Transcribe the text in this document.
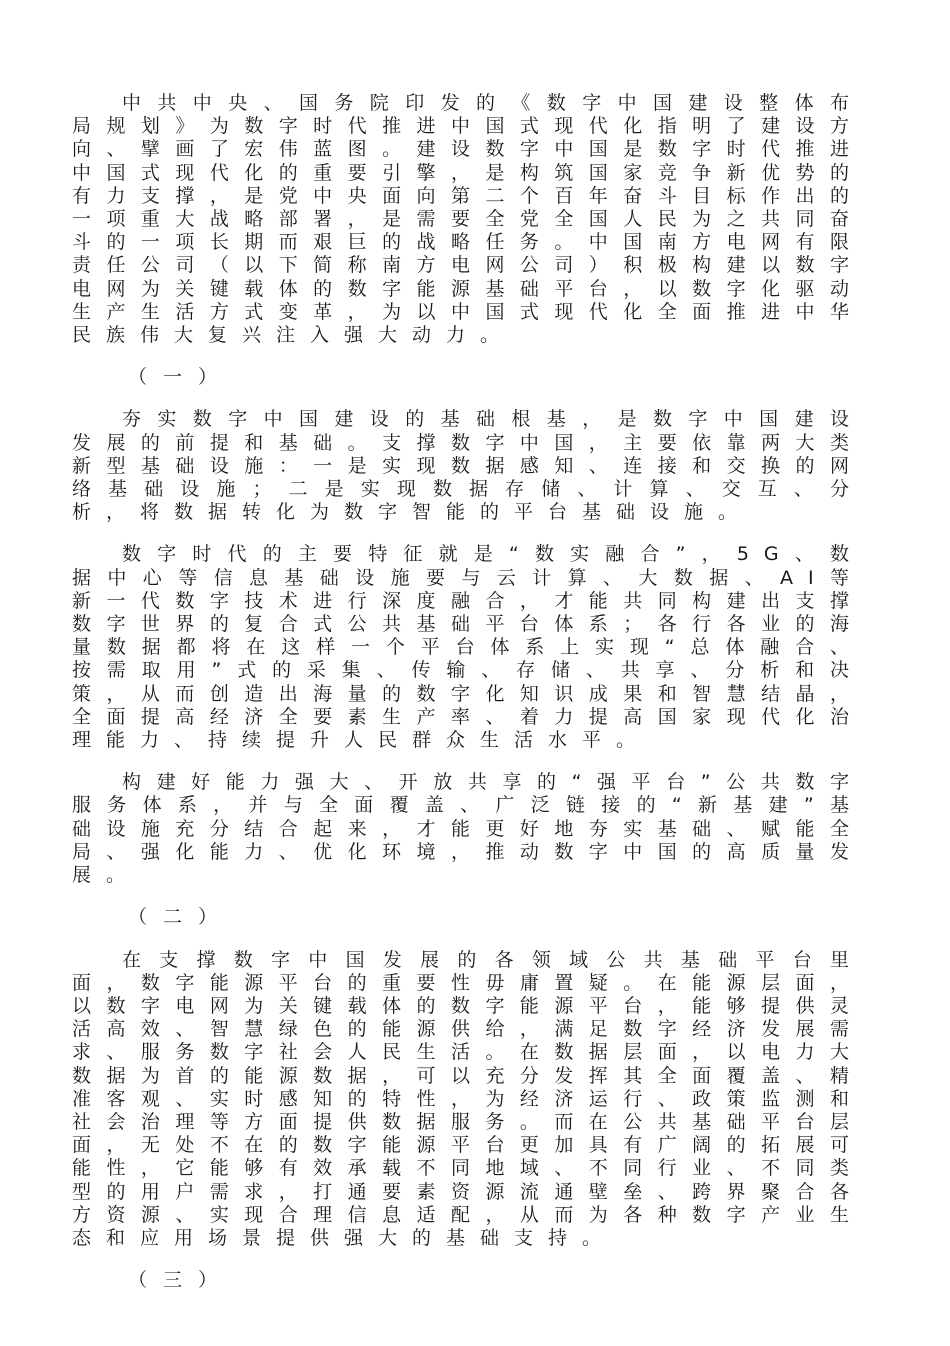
中共中央、国务院印发的《数字中国建设整体布局规划》为数字时代推进中国式现代化指明了建设方向、擘画了宏伟蓝图。建设数字中国是数字时代推进中国式现代化的重要引擎，是构筑国家竞争新优势的有力支撑，是党中央面向第二个百年奋斗目标作出的一项重大战略部署，是需要全党全国人民为之共同奋斗的一项长期而艰巨的战略任务。中国南方电网有限责任公司（以下简称南方电网公司）积极构建以数字电网为关键载体的数字能源基础平台，以数字化驱动生产生活方式变革，为以中国式现代化全面推进中华民族伟大复兴注入强大动力。

（一）

夯实数字中国建设的基础根基，是数字中国建设发展的前提和基础。支撑数字中国，主要依靠两大类新型基础设施：一是实现数据感知、连接和交换的网络基础设施；二是实现数据存储、计算、交互、分析，将数据转化为数字智能的平台基础设施。

数字时代的主要特征就是“数实融合”，5G、数据中心等信息基础设施要与云计算、大数据、AI等新一代数字技术进行深度融合，才能共同构建出支撑数字世界的复合式公共基础平台体系；各行各业的海量数据都将在这样一个平台体系上实现“总体融合、按需取用”式的采集、传输、存储、共享、分析和决策，从而创造出海量的数字化知识成果和智慧结晶，全面提高经济全要素生产率、着力提高国家现代化治理能力、持续提升人民群众生活水平。

构建好能力强大、开放共享的“强平台”公共数字服务体系，并与全面覆盖、广泛链接的“新基建”基础设施充分结合起来，才能更好地夯实基础、赋能全局、强化能力、优化环境，推动数字中国的高质量发展。

（二）

在支撑数字中国发展的各领域公共基础平台里面，数字能源平台的重要性毋庸置疑。在能源层面，以数字电网为关键载体的数字能源平台，能够提供灵活高效、智慧绿色的能源供给，满足数字经济发展需求、服务数字社会人民生活。在数据层面，以电力大数据为首的能源数据，可以充分发挥其全面覆盖、精准客观、实时感知的特性，为经济运行、政策监测和社会治理等方面提供数据服务。而在公共基础平台层面，无处不在的数字能源平台更加具有广阔的拓展可能性，它能够有效承载不同地域、不同行业、不同类型的用户需求，打通要素资源流通壁垒、跨界聚合各方资源、实现合理信息适配，从而为各种数字产业生态和应用场景提供强大的基础支持。

（三）
